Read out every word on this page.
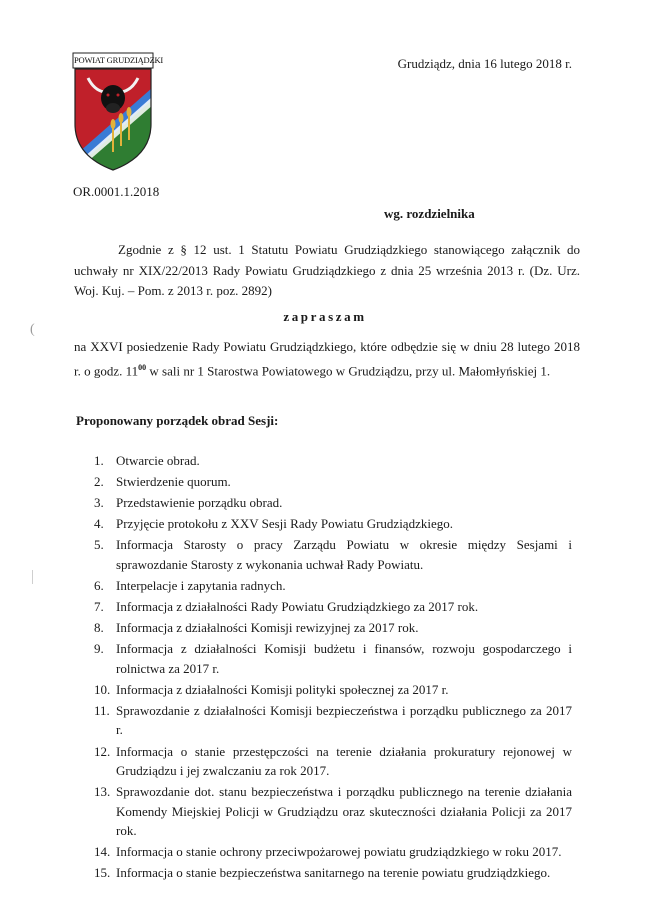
POWIAT GRUDZIĄDZKI	Grudziądz, dnia 16 lutego 2018 r.
OR.0001.1.2018
wg. rozdzielnika
Zgodnie z § 12 ust. 1 Statutu Powiatu Grudziądzkiego stanowiącego załącznik do uchwały nr XIX/22/2013 Rady Powiatu Grudziądzkiego z dnia 25 września 2013 r. (Dz. Urz. Woj. Kuj. – Pom. z 2013 r. poz. 2892)
zapraszam
na XXVI posiedzenie Rady Powiatu Grudziądzkiego, które odbędzie się w dniu 28 lutego 2018 r. o godz. $11^{00}$ w sali nr 1 Starostwa Powiatowego w Grudziądzu, przy ul. Małomłyńskiej 1.
Proponowany porządek obrad Sesji:
1. Otwarcie obrad.
2. Stwierdzenie quorum.
3. Przedstawienie porządku obrad.
4. Przyjęcie protokołu z XXV Sesji Rady Powiatu Grudziądzkiego.
5. Informacja Starosty o pracy Zarządu Powiatu w okresie między Sesjami i sprawozdanie Starosty z wykonania uchwał Rady Powiatu.
6. Interpelacje i zapytania radnych.
7. Informacja z działalności Rady Powiatu Grudziądzkiego za 2017 rok.
8. Informacja z działalności Komisji rewizyjnej za 2017 rok.
9. Informacja z działalności Komisji budżetu i finansów, rozwoju gospodarczego i rolnictwa za 2017 r.
10. Informacja z działalności Komisji polityki społecznej za 2017 r.
11. Sprawozdanie z działalności Komisji bezpieczeństwa i porządku publicznego za 2017 r.
12. Informacja o stanie przestępczości na terenie działania prokuratury rejonowej w Grudziądzu i jej zwalczaniu za rok 2017.
13. Sprawozdanie dot. stanu bezpieczeństwa i porządku publicznego na terenie działania Komendy Miejskiej Policji w Grudziądzu oraz skuteczności działania Policji za 2017 rok.
14. Informacja o stanie ochrony przeciwpożarowej powiatu grudziądzkiego w roku 2017.
15. Informacja o stanie bezpieczeństwa sanitarnego na terenie powiatu grudziądzkiego.
(
